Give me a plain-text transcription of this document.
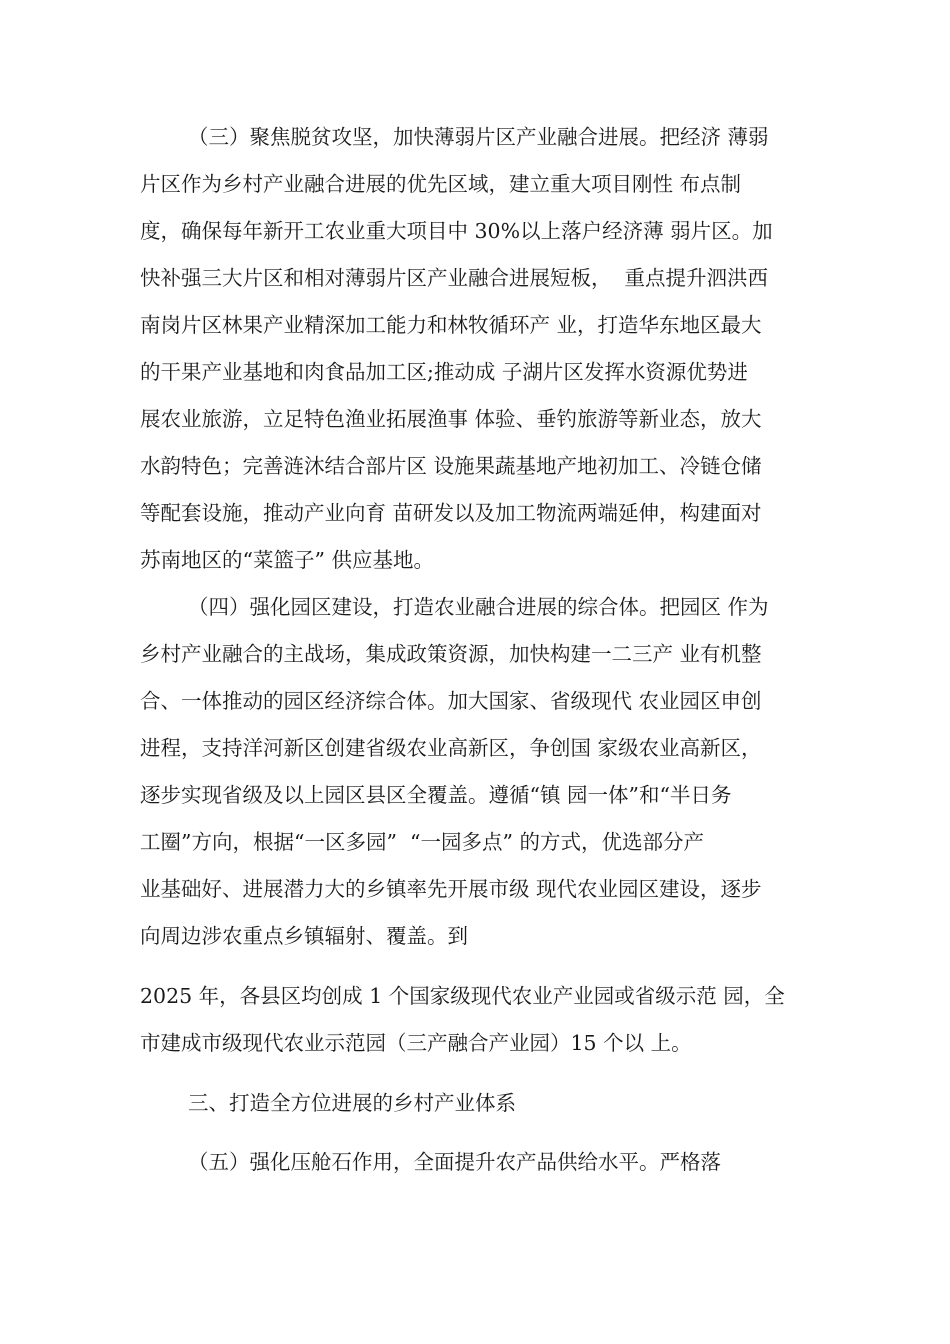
（三）聚焦脱贫攻坚，加快薄弱片区产业融合进展。把经济 薄弱

片区作为乡村产业融合进展的优先区域，建立重大项目刚性 布点制

度，确保每年新开工农业重大项目中 30%以上落户经济薄 弱片区。加

快补强三大片区和相对薄弱片区产业融合进展短板，  重点提升泗洪西

南岗片区林果产业精深加工能力和林牧循环产 业，打造华东地区最大

的干果产业基地和肉食品加工区;推动成 子湖片区发挥水资源优势进

展农业旅游，立足特色渔业拓展渔事 体验、垂钓旅游等新业态，放大

水韵特色；完善涟沐结合部片区 设施果蔬基地产地初加工、冷链仓储

等配套设施，推动产业向育 苗研发以及加工物流两端延伸，构建面对

苏南地区的“菜篮子” 供应基地。

（四）强化园区建设，打造农业融合进展的综合体。把园区 作为

乡村产业融合的主战场，集成政策资源，加快构建一二三产 业有机整

合、一体推动的园区经济综合体。加大国家、省级现代 农业园区申创

进程，支持洋河新区创建省级农业高新区，争创国 家级农业高新区，

逐步实现省级及以上园区县区全覆盖。遵循“镇 园一体”和“半日务

工圈”方向，根据“一区多园”  “一园多点” 的方式，优选部分产

业基础好、进展潜力大的乡镇率先开展市级 现代农业园区建设，逐步

向周边涉农重点乡镇辐射、覆盖。到

2025 年，各县区均创成 1 个国家级现代农业产业园或省级示范 园，全

市建成市级现代农业示范园（三产融合产业园）15 个以 上。

三、打造全方位进展的乡村产业体系

（五）强化压舱石作用，全面提升农产品供给水平。严格落
